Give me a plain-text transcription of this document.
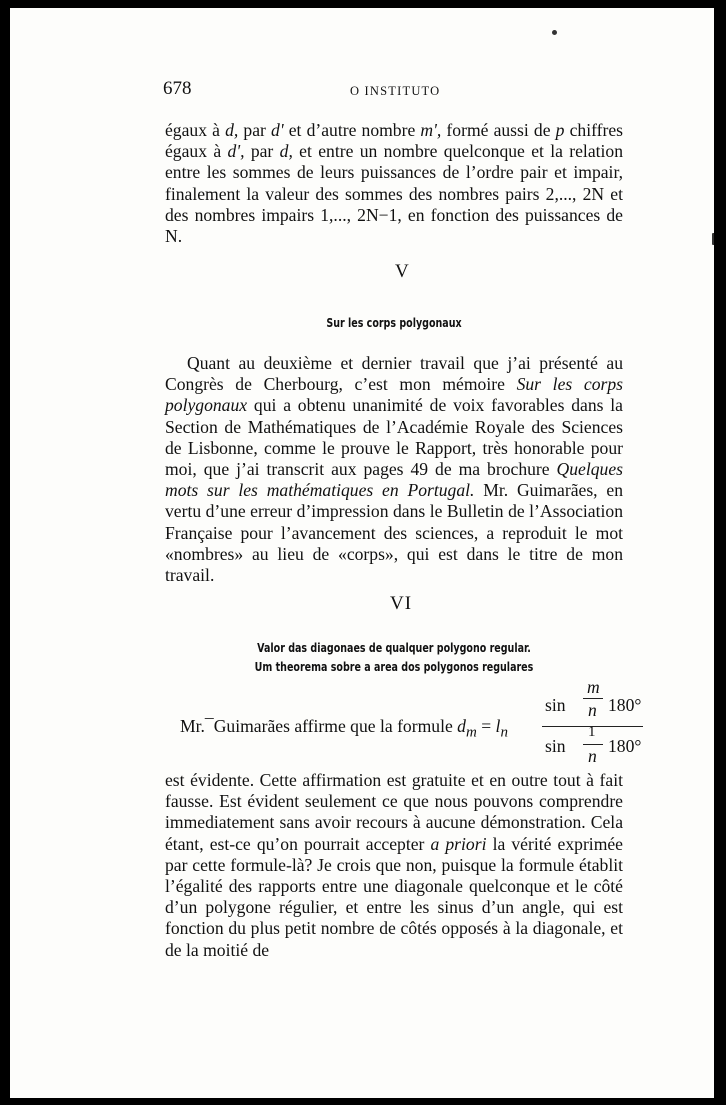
678	O INSTITUTO

égaux à d, par d' et d’autre nombre m', formé aussi de p chiffres égaux à d', par d, et entre un nombre quelconque et la relation entre les sommes de leurs puissances de l’ordre pair et impair, finalement la valeur des sommes des nombres pairs 2,..., 2N et des nombres impairs 1,..., 2N−1, en fonction des puissances de N.

V
Sur les corps polygonaux

Quant au deuxième et dernier travail que j’ai présenté au Congrès de Cherbourg, c’est mon mémoire Sur les corps polygonaux qui a obtenu unanimité de voix favorables dans la Section de Mathématiques de l’Académie Royale des Sciences de Lisbonne, comme le prouve le Rapport, très honorable pour moi, que j’ai transcrit aux pages 49 de ma brochure Quelques mots sur les mathématiques en Portugal. Mr. Guimarães, en vertu d’une erreur d’impression dans le Bulletin de l’Association Française pour l’avancement des sciences, a reproduit le mot «nombres» au lieu de «corps», qui est dans le titre de mon travail.

VI
Valor das diagonaes de qualquer polygono regular.
Um theorema sobre a area dos polygonos regulares
Mr.¯Guimarães affirme que la formule $d_m = l_n$
sin
m
n 180°
sin
1
n 180°

est évidente. Cette affirmation est gratuite et en outre tout à fait fausse. Est évident seulement ce que nous pouvons comprendre immediatement sans avoir recours à aucune démonstration. Cela étant, est-ce qu’on pourrait accepter a priori la vérité exprimée par cette formule-là? Je crois que non, puisque la formule établit l’égalité des rapports entre une diagonale quelconque et le côté d’un polygone régulier, et entre les sinus d’un angle, qui est fonction du plus petit nombre de côtés opposés à la diagonale, et de la moitié de
